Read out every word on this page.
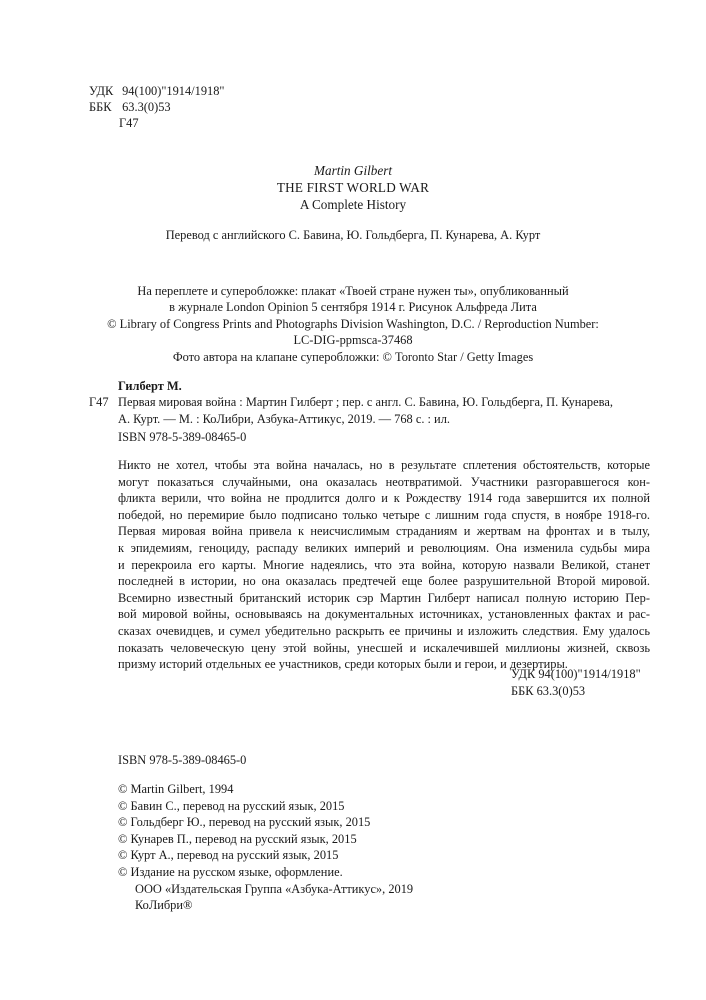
УДК 94(100)"1914/1918"
ББК 63.3(0)53
Г47
Martin Gilbert
THE FIRST WORLD WAR
A Complete History
Перевод с английского С. Бавина, Ю. Гольдберга, П. Кунарева, А. Курт
На переплете и суперобложке: плакат «Твоей стране нужен ты», опубликованный
в журнале London Opinion 5 сентября 1914 г. Рисунок Альфреда Лита
© Library of Congress Prints and Photographs Division Washington, D.C. / Reproduction Number:
LC-DIG-ppmsca-37468
Фото автора на клапане суперобложки: © Toronto Star / Getty Images
Гилберт М.
Г47 Первая мировая война : Мартин Гилберт ; пер. с англ. С. Бавина, Ю. Гольдберга, П. Кунарева,
А. Курт. — М. : КоЛибри, Азбука-Аттикус, 2019. — 768 с. : ил.
ISBN 978-5-389-08465-0
Никто не хотел, чтобы эта война началась, но в результате сплетения обстоятельств, которые
могут показаться случайными, она оказалась неотвратимой. Участники разгоравшегося кон-
фликта верили, что война не продлится долго и к Рождеству 1914 года завершится их полной
победой, но перемирие было подписано только четыре с лишним года спустя, в ноябре 1918-го.
Первая мировая война привела к неисчислимым страданиям и жертвам на фронтах и в тылу,
к эпидемиям, геноциду, распаду великих империй и революциям. Она изменила судьбы мира
и перекроила его карты. Многие надеялись, что эта война, которую назвали Великой, станет
последней в истории, но она оказалась предтечей еще более разрушительной Второй мировой.
Всемирно известный британский историк сэр Мартин Гилберт написал полную историю Пер-
вой мировой войны, основываясь на документальных источниках, установленных фактах и рас-
сказах очевидцев, и сумел убедительно раскрыть ее причины и изложить следствия. Ему удалось
показать человеческую цену этой войны, унесшей и искалечившей миллионы жизней, сквозь
призму историй отдельных ее участников, среди которых были и герои, и дезертиры.
УДК 94(100)"1914/1918"
ББК 63.3(0)53
ISBN 978-5-389-08465-0
© Martin Gilbert, 1994
© Бавин С., перевод на русский язык, 2015
© Гольдберг Ю., перевод на русский язык, 2015
© Кунарев П., перевод на русский язык, 2015
© Курт А., перевод на русский язык, 2015
© Издание на русском языке, оформление.
ООО «Издательская Группа «Азбука-Аттикус», 2019
КоЛибри®
